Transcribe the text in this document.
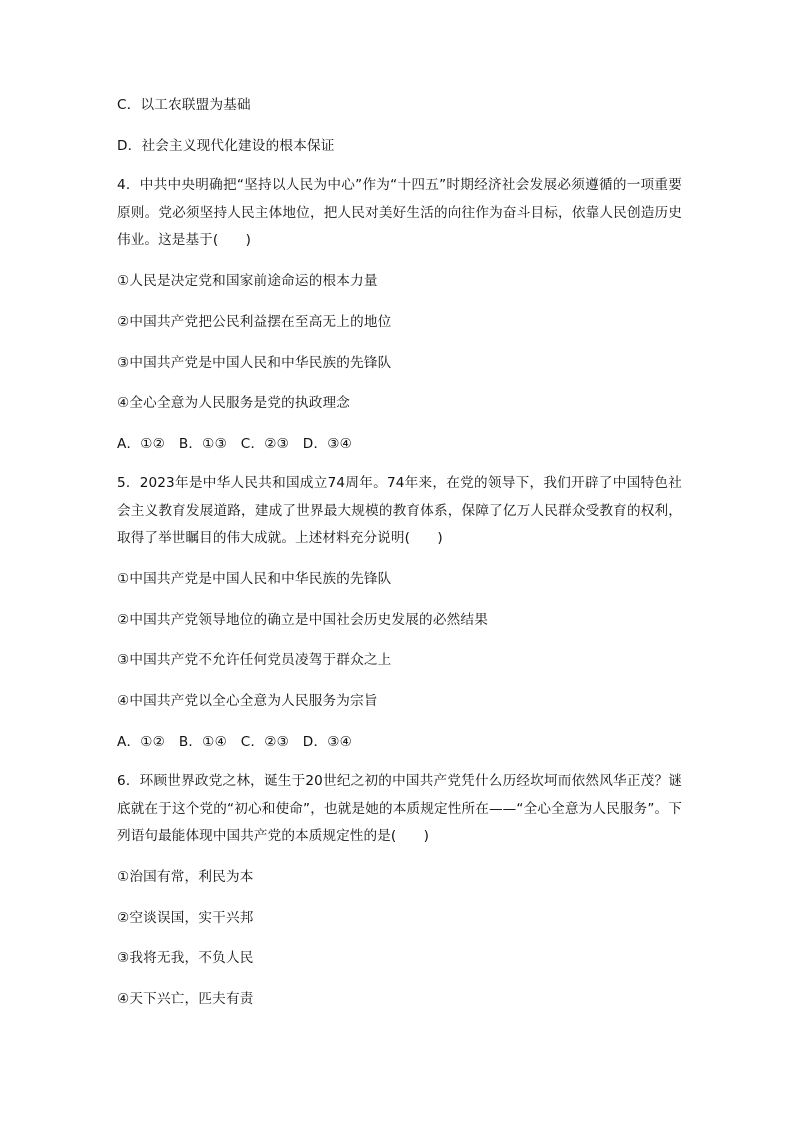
C．以工农联盟为基础
D．社会主义现代化建设的根本保证
4．中共中央明确把“坚持以人民为中心”作为“十四五”时期经济社会发展必须遵循的一项重要原则。党必须坚持人民主体地位，把人民对美好生活的向往作为奋斗目标，依靠人民创造历史伟业。这是基于(　　)
①人民是决定党和国家前途命运的根本力量
②中国共产党把公民利益摆在至高无上的地位
③中国共产党是中国人民和中华民族的先锋队
④全心全意为人民服务是党的执政理念
A．①②　B．①③　C．②③　D．③④
5．2023年是中华人民共和国成立74周年。74年来，在党的领导下，我们开辟了中国特色社会主义教育发展道路，建成了世界最大规模的教育体系，保障了亿万人民群众受教育的权利，取得了举世瞩目的伟大成就。上述材料充分说明(　　)
①中国共产党是中国人民和中华民族的先锋队
②中国共产党领导地位的确立是中国社会历史发展的必然结果
③中国共产党不允许任何党员凌驾于群众之上
④中国共产党以全心全意为人民服务为宗旨
A．①②　B．①④　C．②③　D．③④
6．环顾世界政党之林，诞生于20世纪之初的中国共产党凭什么历经坎坷而依然风华正茂？谜底就在于这个党的“初心和使命”，也就是她的本质规定性所在——“全心全意为人民服务”。下列语句最能体现中国共产党的本质规定性的是(　　)
①治国有常，利民为本
②空谈误国，实干兴邦
③我将无我，不负人民
④天下兴亡，匹夫有责
